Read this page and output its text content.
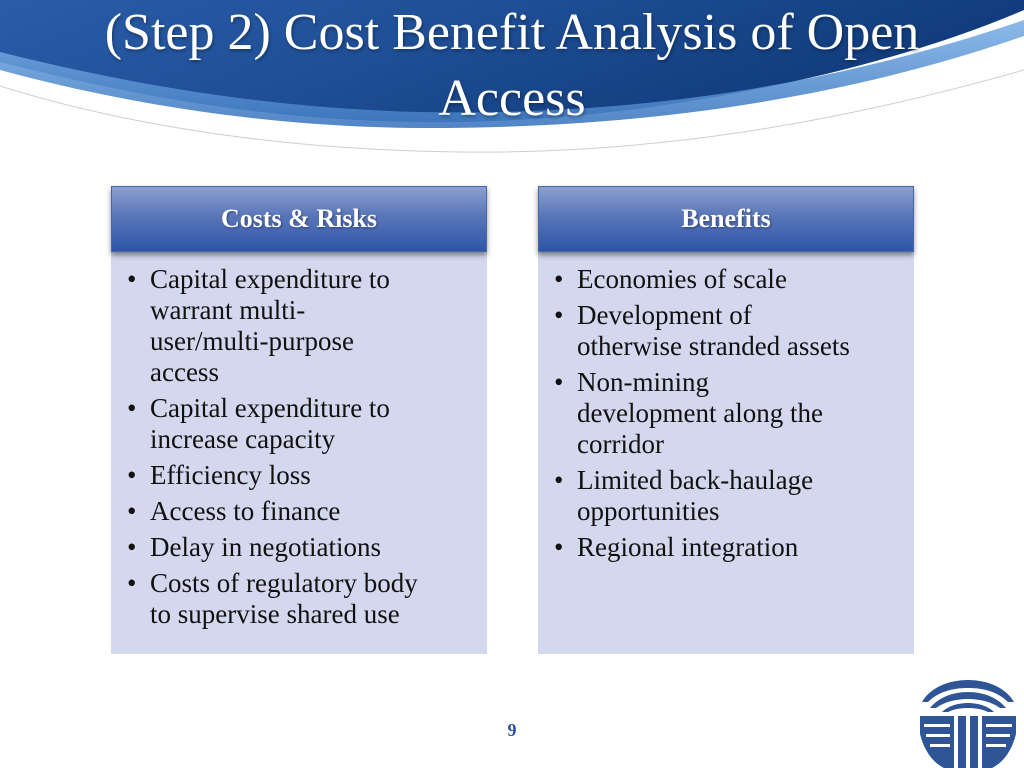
(Step 2) Cost Benefit Analysis of Open
Access
Costs & Risks
• Capital expenditure to
warrant multi-
user/multi-purpose
access
• Capital expenditure to
increase capacity
• Efficiency loss
• Access to finance
• Delay in negotiations
• Costs of regulatory body
to supervise shared use
Benefits
• Economies of scale
• Development of
otherwise stranded assets
• Non-mining
development along the
corridor
• Limited back-haulage
opportunities
• Regional integration
9
